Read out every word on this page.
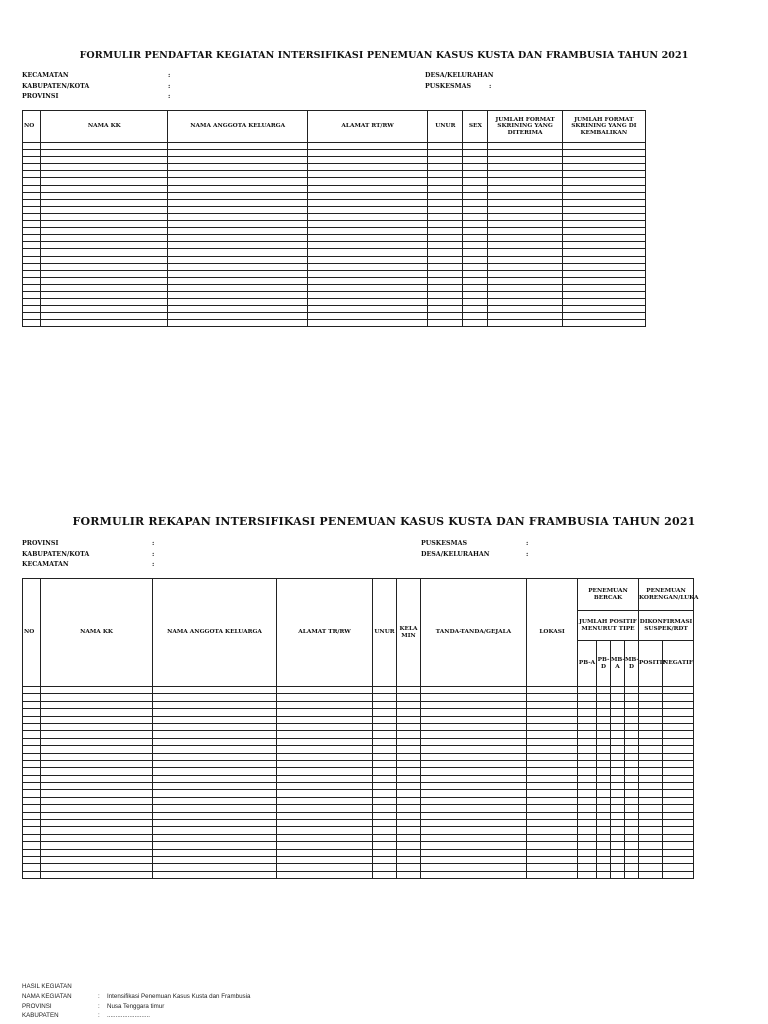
FORMULIR PENDAFTAR KEGIATAN INTERSIFIKASI PENEMUAN KASUS KUSTA DAN FRAMBUSIA TAHUN 2021
KECAMATAN	:
KABUPATEN/KOTA	:
PROVINSI	:
DESA/KELURAHAN
PUSKESMAS	:
NO	NAMA KK	NAMA ANGGOTA KELUARGA	ALAMAT RT/RW	UNUR	SEX	JUMLAH FORMAT SKRINING YANG DITERIMA	JUMLAH FORMAT SKRINING YANG DI KEMBALIKAN

FORMULIR REKAPAN INTERSIFIKASI PENEMUAN KASUS KUSTA DAN FRAMBUSIA TAHUN 2021
PROVINSI	:
KABUPATEN/KOTA	:
KECAMATAN	:
PUSKESMAS	:
DESA/KELURAHAN	:
NO	NAMA KK	NAMA ANGGOTA KELUARGA	ALAMAT TR/RW	UNUR	KELA MIN	TANDA-TANDA/GEJALA	LOKASI	PENEMUAN BERCAK				PENEMUAN KORENGAN/LUKA	
								JUMLAH POSITIF MENURUT TIPE				DIKONFIRMASI SUSPEK/RDT	
								PB-A	PB-D	MB-A	MB-D	POSITIF	NEGATIF

HASIL KEGIATAN
NAMA KEGIATAN	:	Intensifikasi Penemuan Kasus Kusta dan Frambusia
PROVINSI	:	Nusa Tenggara timur
KABUPATEN	:	.........................
